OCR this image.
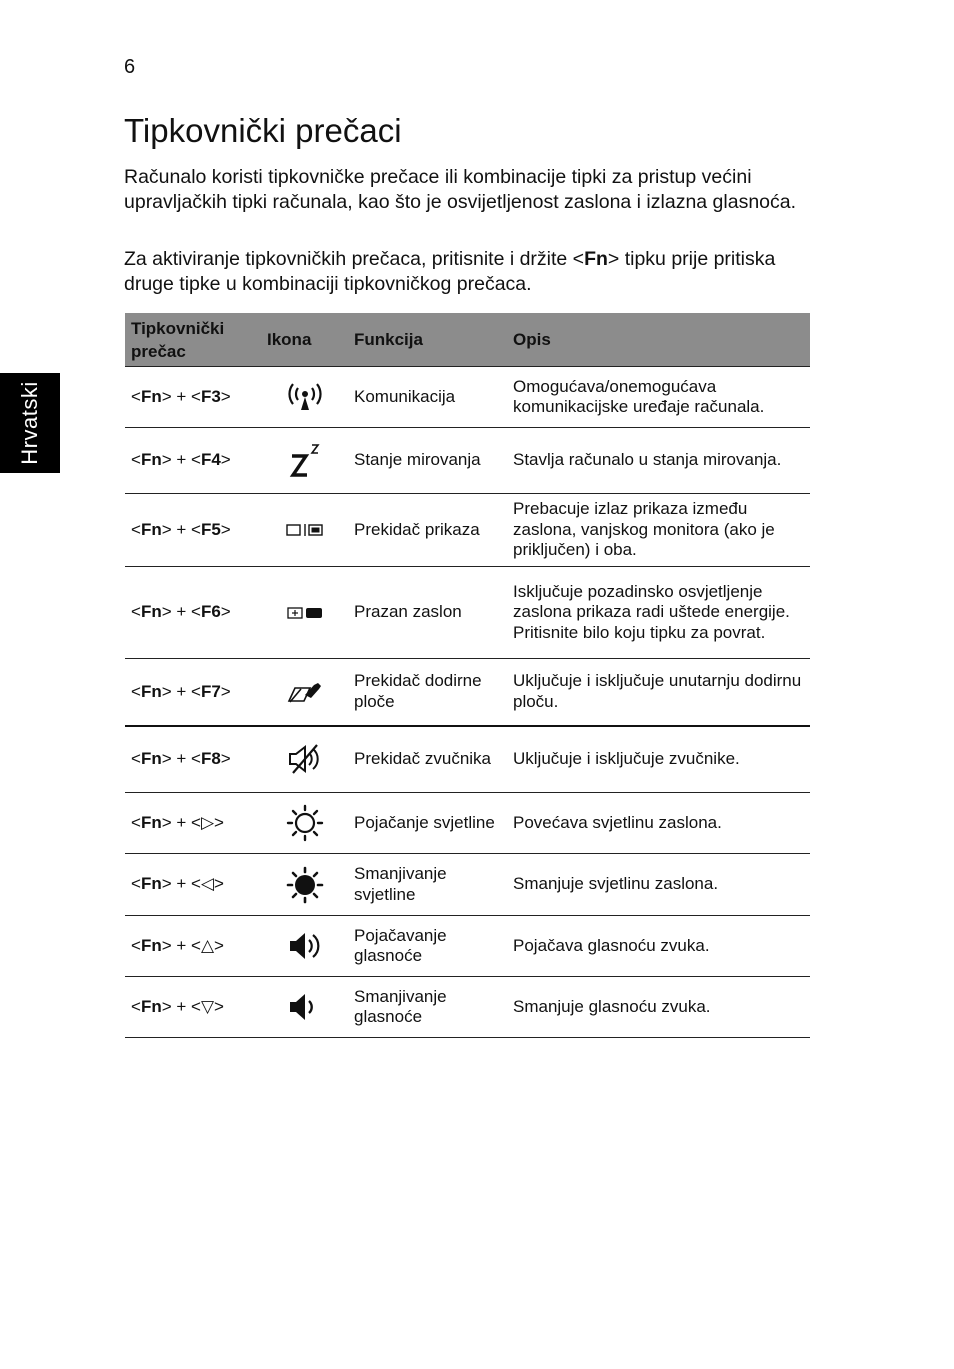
6
Hrvatski
Tipkovnički prečaci

Računalo koristi tipkovničke prečace ili kombinacije tipki za pristup većini upravljačkih tipki računala, kao što je osvijetljenost zaslona i izlazna glasnoća.

Za aktiviranje tipkovničkih prečaca, pritisnite i držite <Fn> tipku prije pritiska druge tipke u kombinaciji tipkovničkog prečaca.

Tipkovnički prečac	Ikona	Funkcija	Opis
<Fn> + <F3>		Komunikacija	Omogućava/onemogućava komunikacijske uređaje računala.
<Fn> + <F4>		Stanje mirovanja	Stavlja računalo u stanja mirovanja.
<Fn> + <F5>		Prekidač prikaza	Prebacuje izlaz prikaza između zaslona, vanjskog monitora (ako je priključen) i oba.
<Fn> + <F6>		Prazan zaslon	Isključuje pozadinsko osvjetljenje zaslona prikaza radi uštede energije. Pritisnite bilo koju tipku za povrat.
<Fn> + <F7>		Prekidač dodirne ploče	Uključuje i isključuje unutarnju dodirnu ploču.
<Fn> + <F8>		Prekidač zvučnika	Uključuje i isključuje zvučnike.
<Fn> + <▷>		Pojačanje svjetline	Povećava svjetlinu zaslona.
<Fn> + <◁>		Smanjivanje svjetline	Smanjuje svjetlinu zaslona.
<Fn> + <△>		Pojačavanje glasnoće	Pojačava glasnoću zvuka.
<Fn> + <▽>		Smanjivanje glasnoće	Smanjuje glasnoću zvuka.
